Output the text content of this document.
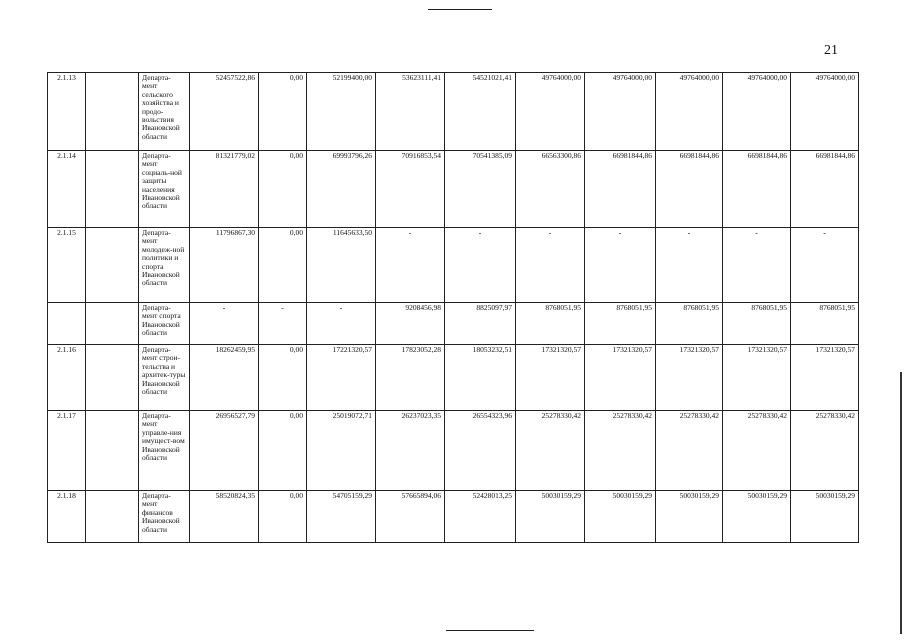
21
2.1.13		Департа-мент сельского хозяйства и продо-вольствия Ивановской области	52457522,86	0,00	52199400,00	53623111,41	54521021,41	49764000,00	49764000,00	49764000,00	49764000,00	49764000,00
2.1.14		Департа-мент социаль-ной защиты населения Ивановской области	81321779,02	0,00	69993796,26	70916853,54	70541385,09	66563300,86	66981844,86	66981844,86	66981844,86	66981844,86
2.1.15		Департа-мент молодеж-ной политики и спорта Ивановской области	11796867,30	0,00	11645633,50	-	-	-	-	-	-	-
		Департа-мент спорта Ивановской области	-	-	-	9208456,98	8825097,97	8768051,95	8768051,95	8768051,95	8768051,95	8768051,95
2.1.16		Департа-мент строи-тельства и архитек-туры Ивановской области	18262459,95	0,00	17221320,57	17823052,28	18053232,51	17321320,57	17321320,57	17321320,57	17321320,57	17321320,57
2.1.17		Департа-мент управле-ния имущест-вом Ивановской области	26956527,79	0,00	25019072,71	26237023,35	26554323,96	25278330,42	25278330,42	25278330,42	25278330,42	25278330,42
2.1.18		Департа-мент финансов Ивановской области	58520824,35	0,00	54705159,29	57665894,06	52428013,25	50030159,29	50030159,29	50030159,29	50030159,29	50030159,29
